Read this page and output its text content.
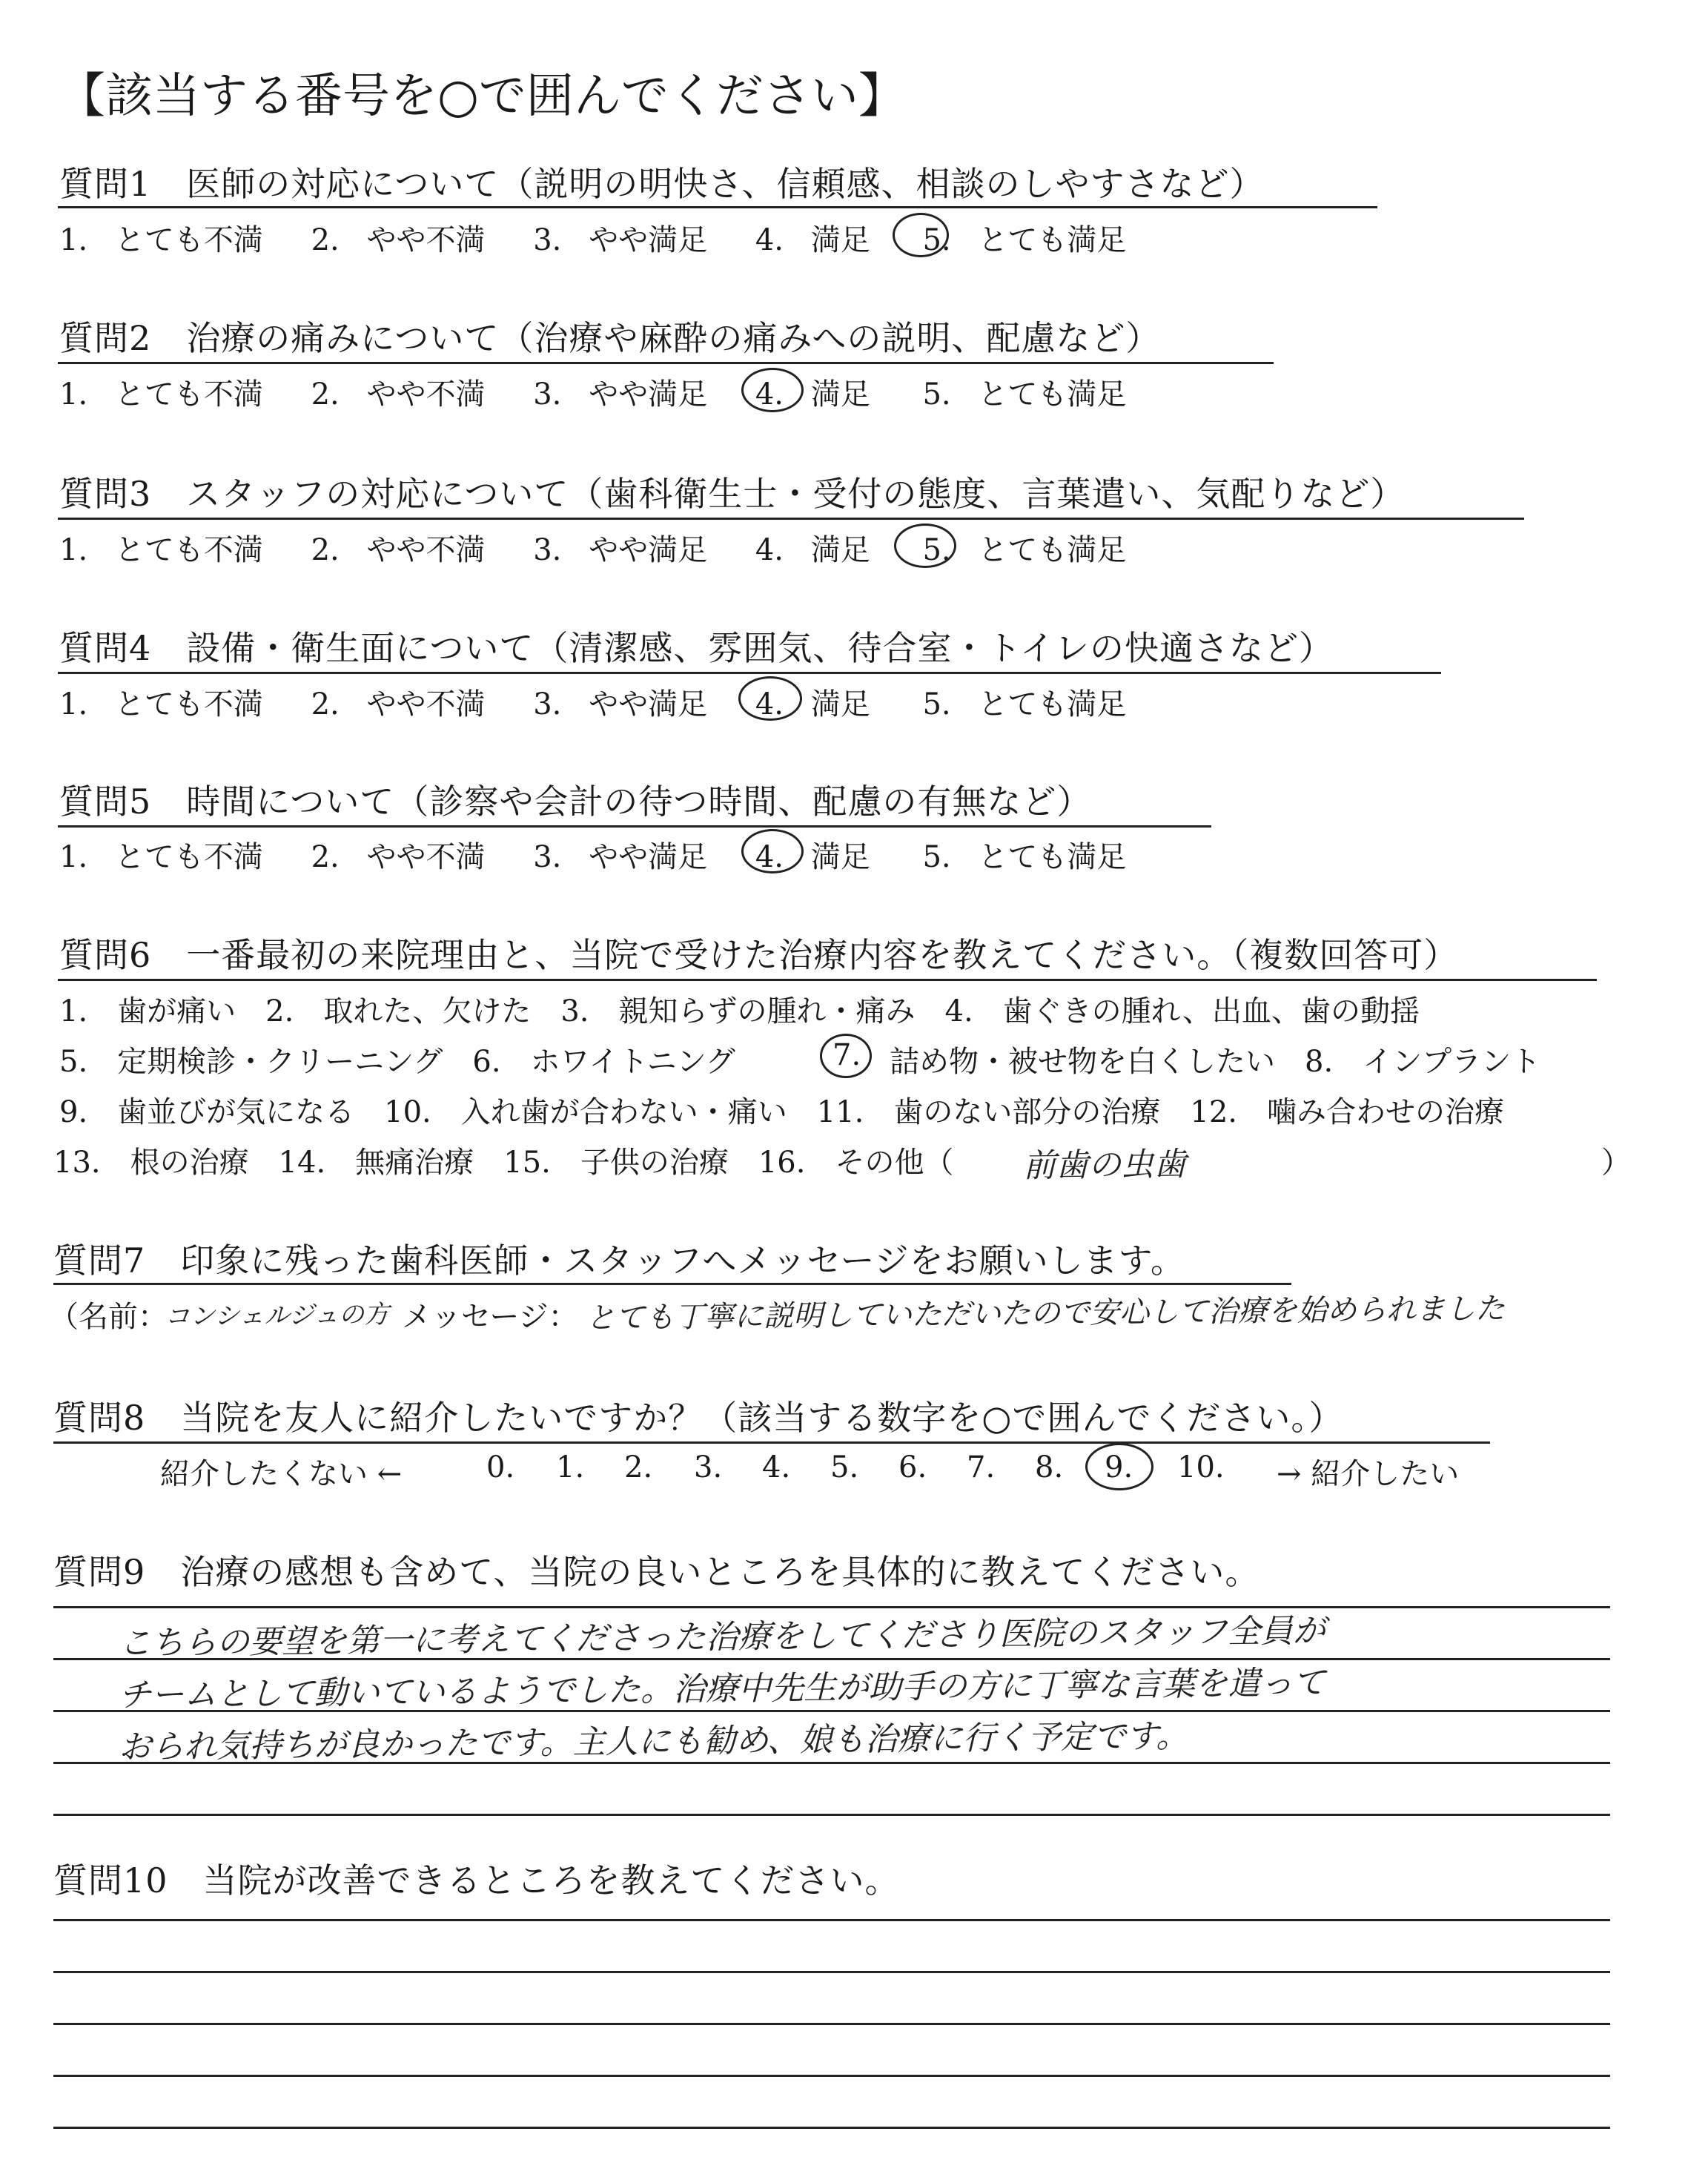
【該当する番号を○で囲んでください】
質問1　医師の対応について（説明の明快さ、信頼感、相談のしやすさなど）
1. とても不満 2. やや不満 3. やや満足 4. 満足 5. とても満足
質問2　治療の痛みについて（治療や麻酔の痛みへの説明、配慮など）
1. とても不満 2. やや不満 3. やや満足 4. 満足 5. とても満足
質問3　スタッフの対応について（歯科衛生士・受付の態度、言葉遣い、気配りなど）
1. とても不満 2. やや不満 3. やや満足 4. 満足 5. とても満足
質問4　設備・衛生面について（清潔感、雰囲気、待合室・トイレの快適さなど）
1. とても不満 2. やや不満 3. やや満足 4. 満足 5. とても満足
質問5　時間について（診察や会計の待つ時間、配慮の有無など）
1. とても不満 2. やや不満 3. やや満足 4. 満足 5. とても満足
質問6　一番最初の来院理由と、当院で受けた治療内容を教えてください。（複数回答可）
1.　歯が痛い　2.　取れた、欠けた　3.　親知らずの腫れ・痛み　4.　歯ぐきの腫れ、出血、歯の動揺
5.　定期検診・クリーニング　6.　ホワイトニング	7. 詰め物・被せ物を白くしたい　8.　インプラント
9.　歯並びが気になる　10.　入れ歯が合わない・痛い　11.　歯のない部分の治療　12.　噛み合わせの治療
13.　根の治療　14.　無痛治療　15.　子供の治療　16.　その他（ 前歯の虫歯	）
質問7　印象に残った歯科医師・スタッフへメッセージをお願いします。
（名前：
コンシェルジュの方 メッセージ： とても丁寧に説明していただいたので安心して治療を始められました
質問8　当院を友人に紹介したいですか？（該当する数字を○で囲んでください。）
紹介したくない ←	0. 1. 2. 3. 4. 5. 6. 7. 8. 9. 10. → 紹介したい
質問9　治療の感想も含めて、当院の良いところを具体的に教えてください。
こちらの要望を第一に考えてくださった治療をしてくださり医院のスタッフ全員が
チームとして動いているようでした。治療中先生が助手の方に丁寧な言葉を遣って
おられ気持ちが良かったです。主人にも勧め、娘も治療に行く予定です。
質問10　当院が改善できるところを教えてください。
